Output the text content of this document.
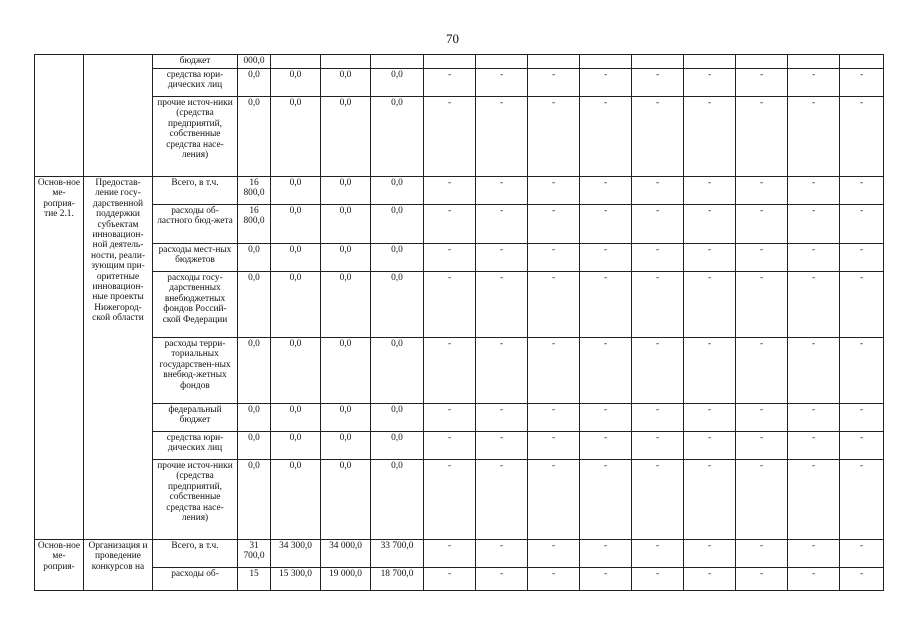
70
		бюджет	000,0														
		средства юри-дических лиц	0,0	0,0	0,0	0,0	-	-	-	-	-	-	-	-	-		
		прочие источ-ники (средства предприятий, собственные средства насе-ления)	0,0	0,0	0,0	0,0	-	-	-	-	-	-	-	-	-		
Основ-ное ме-роприя-тие 2.1.	Предостав-ление госу-дарственной поддержки субъектам инновацион-ной деятель-ности, реали-зующим при-оритетные инновацион-ные проекты Нижегород-ской области	Всего, в т.ч.	16 800,0	0,0	0,0	0,0	-	-	-	-	-	-	-	-	-		
		расходы об-ластного бюд-жета	16 800,0	0,0	0,0	0,0	-	-	-	-	-	-	-	-	-		
		расходы мест-ных бюджетов	0,0	0,0	0,0	0,0	-	-	-	-	-	-	-	-	-		
		расходы госу-дарственных внебюджетных фондов Россий-ской Федерации	0,0	0,0	0,0	0,0	-	-	-	-	-	-	-	-	-		
		расходы терри-ториальных государствен-ных внебюд-жетных фондов	0,0	0,0	0,0	0,0	-	-	-	-	-	-	-	-	-		
		федеральный бюджет	0,0	0,0	0,0	0,0	-	-	-	-	-	-	-	-	-		
		средства юри-дических лиц	0,0	0,0	0,0	0,0	-	-	-	-	-	-	-	-	-		
		прочие источ-ники (средства предприятий, собственные средства насе-ления)	0,0	0,0	0,0	0,0	-	-	-	-	-	-	-	-	-		
Основ-ное ме-роприя-	Организация и проведение конкурсов на	Всего, в т.ч.	31 700,0	34 300,0	34 000,0	33 700,0	-	-	-	-	-	-	-	-	-		
		расходы об-	15	15 300,0	19 000,0	18 700,0	-	-	-	-	-	-	-	-	-		
